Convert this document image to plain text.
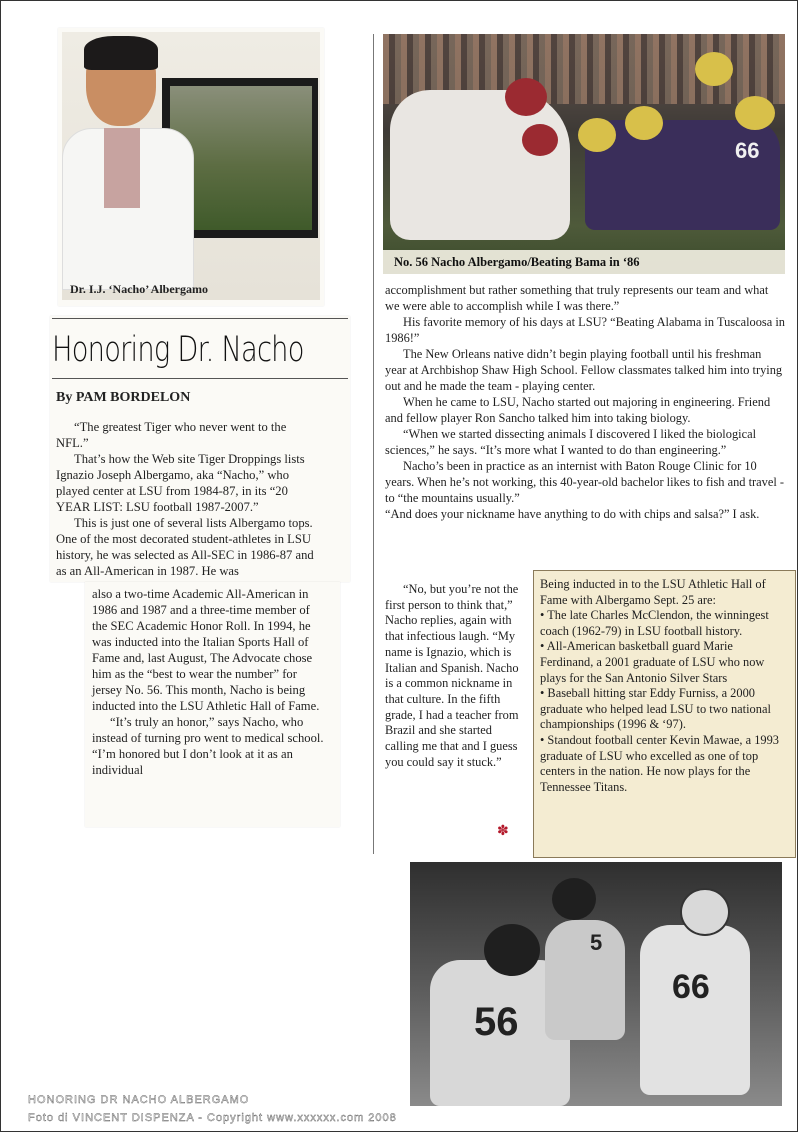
Dr. I.J. ‘Nacho’ Albergamo
66
No. 56 Nacho Albergamo/Beating Bama in ‘86
Honoring Dr. Nacho
By PAM BORDELON

“The greatest Tiger who never went to the NFL.”

That’s how the Web site Tiger Droppings lists Ignazio Joseph Albergamo, aka “Nacho,” who played center at LSU from 1984-87, in its “20 YEAR LIST: LSU football 1987-2007.”

This is just one of several lists Albergamo tops. One of the most decorated student-athletes in LSU history, he was selected as All-SEC in 1986-87 and as an All-American in 1987. He was

also a two-time Academic All-American in 1986 and 1987 and a three-time member of the SEC Academic Honor Roll. In 1994, he was inducted into the Italian Sports Hall of Fame and, last August, The Advocate chose him as the “best to wear the number” for jersey No. 56. This month, Nacho is being inducted into the LSU Athletic Hall of Fame.

“It’s truly an honor,” says Nacho, who instead of turning pro went to medical school. “I’m honored but I don’t look at it as an individual

accomplishment but rather something that truly represents our team and what we were able to accomplish while I was there.”

His favorite memory of his days at LSU? “Beating Alabama in Tuscaloosa in 1986!”

The New Orleans native didn’t begin playing football until his freshman year at Archbishop Shaw High School. Fellow classmates talked him into trying out and he made the team - playing center.

When he came to LSU, Nacho started out majoring in engineering. Friend and fellow player Ron Sancho talked him into taking biology.

“When we started dissecting animals I discovered I liked the biological sciences,” he says. “It’s more what I wanted to do than engineering.”

Nacho’s been in practice as an internist with Baton Rouge Clinic for 10 years. When he’s not working, this 40-year-old bachelor likes to fish and travel - to “the mountains usually.”

“And does your nickname have anything to do with chips and salsa?” I ask.

“No, but you’re not the first person to think that,” Nacho replies, again with that infectious laugh. “My name is Ignazio, which is Italian and Spanish. Nacho is a common nickname in that culture. In the fifth grade, I had a teacher from Brazil and she started calling me that and I guess you could say it stuck.”

✽

Being inducted in to the LSU Athletic Hall of Fame with Albergamo Sept. 25 are:

• The late Charles McClendon, the winningest coach (1962-79) in LSU football history.

• All-American basketball guard Marie Ferdinand, a 2001 graduate of LSU who now plays for the San Antonio Silver Stars

• Baseball hitting star Eddy Furniss, a 2000 graduate who helped lead LSU to two national championships (1996 & ‘97).

• Standout football center Kevin Mawae, a 1993 graduate of LSU who excelled as one of top centers in the nation. He now plays for the Tennessee Titans.

56
5
66
HONORING DR NACHO ALBERGAMO
Foto di VINCENT DISPENZA - Copyright www.xxxxxx.com 2008
